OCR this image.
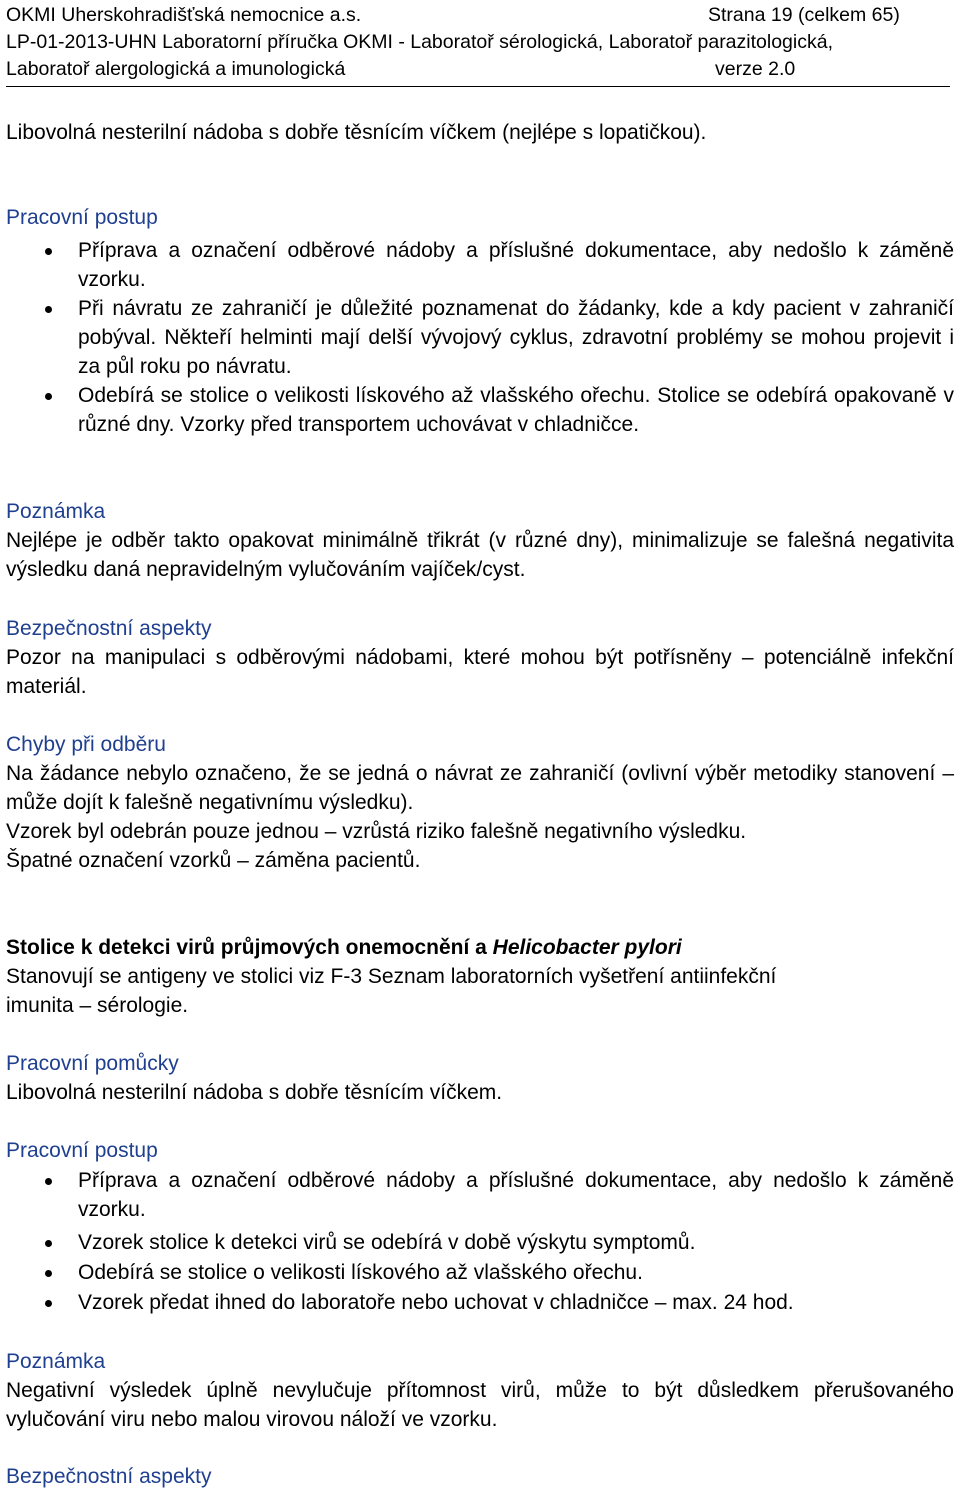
OKMI Uherskohradišťská nemocnice a.s.	Strana 19 (celkem 65)
LP-01-2013-UHN Laboratorní příručka OKMI - Laboratoř sérologická, Laboratoř parazitologická,
Laboratoř alergologická a imunologická	verze 2.0
Libovolná nesterilní nádoba s dobře těsnícím víčkem (nejlépe s lopatičkou).
Pracovní postup
Příprava a označení odběrové nádoby a příslušné dokumentace, aby nedošlo k záměně vzorku.
Při návratu ze zahraničí je důležité poznamenat do žádanky, kde a kdy pacient v zahraničí pobýval. Někteří helminti mají delší vývojový cyklus, zdravotní problémy se mohou projevit i za půl roku po návratu.
Odebírá se stolice o velikosti lískového až vlašského ořechu. Stolice se odebírá opakovaně v různé dny. Vzorky před transportem uchovávat v chladničce.
Poznámka
Nejlépe je odběr takto opakovat minimálně třikrát (v různé dny), minimalizuje se falešná negativita výsledku daná nepravidelným vylučováním vajíček/cyst.
Bezpečnostní aspekty
Pozor na manipulaci s odběrovými nádobami, které mohou být potřísněny – potenciálně infekční materiál.
Chyby při odběru
Na žádance nebylo označeno, že se jedná o návrat ze zahraničí (ovlivní výběr metodiky stanovení – může dojít k falešně negativnímu výsledku).
Vzorek byl odebrán pouze jednou – vzrůstá riziko falešně negativního výsledku.
Špatné označení vzorků – záměna pacientů.
Stolice k detekci virů průjmových onemocnění a Helicobacter pylori
Stanovují se antigeny ve stolici viz F-3 Seznam laboratorních vyšetření antiinfekční
imunita – sérologie.
Pracovní pomůcky
Libovolná nesterilní nádoba s dobře těsnícím víčkem.
Pracovní postup
Příprava a označení odběrové nádoby a příslušné dokumentace, aby nedošlo k záměně vzorku.
Vzorek stolice k detekci virů se odebírá v době výskytu symptomů.
Odebírá se stolice o velikosti lískového až vlašského ořechu.
Vzorek předat ihned do laboratoře nebo uchovat v chladničce – max. 24 hod.
Poznámka
Negativní výsledek úplně nevylučuje přítomnost virů, může to být důsledkem přerušovaného vylučování viru nebo malou virovou náloží ve vzorku.
Bezpečnostní aspekty
